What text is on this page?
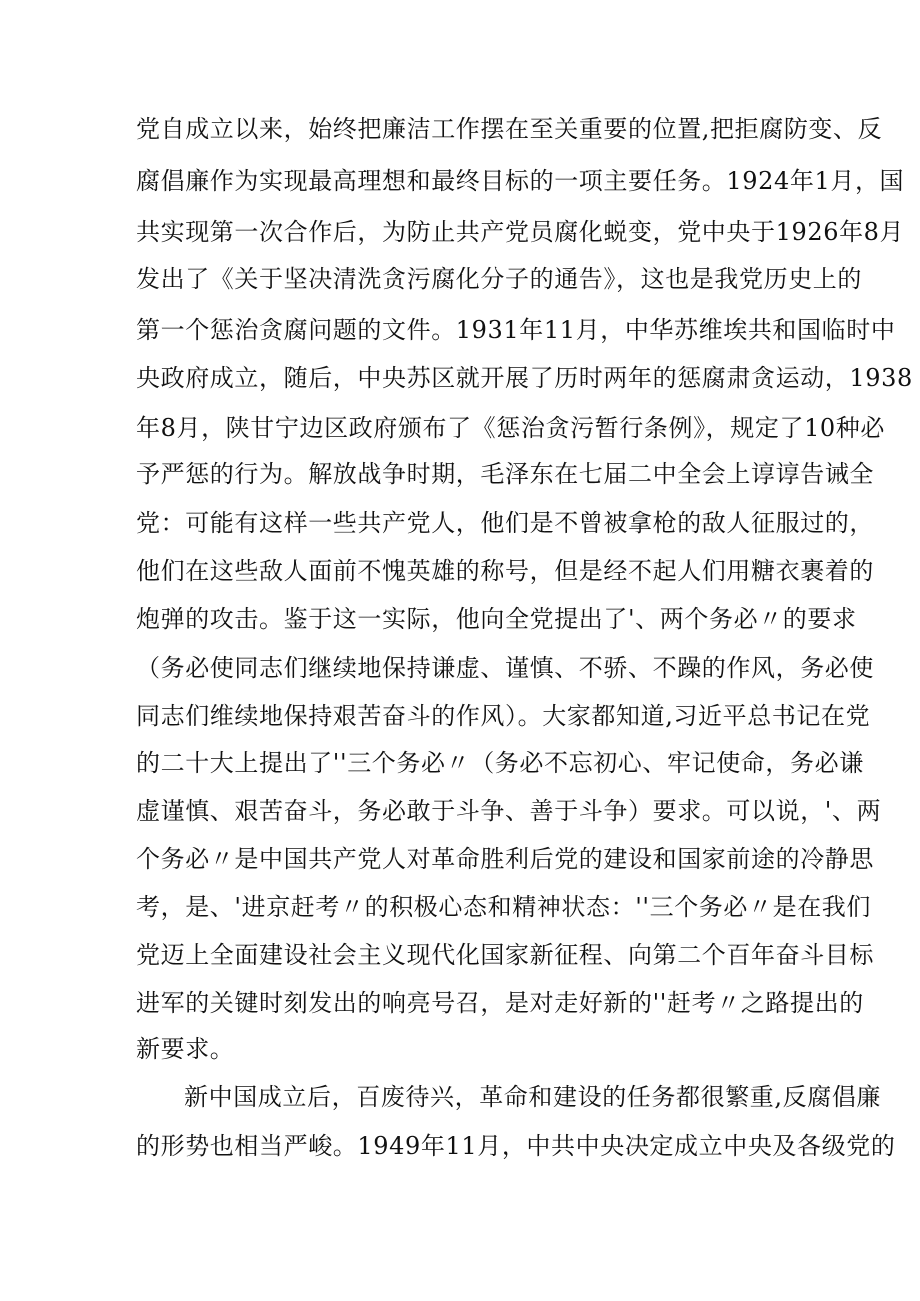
党自成立以来，始终把廉洁工作摆在至关重要的位置,把拒腐防变、反
腐倡廉作为实现最高理想和最终目标的一项主要任务。1924年1月，国
共实现第一次合作后，为防止共产党员腐化蜕变，党中央于1926年8月
发出了《关于坚决清洗贪污腐化分子的通告》，这也是我党历史上的
第一个惩治贪腐问题的文件。1931年11月，中华苏维埃共和国临时中
央政府成立，随后，中央苏区就开展了历时两年的惩腐肃贪运动，1938
年8月，陕甘宁边区政府颁布了《惩治贪污暂行条例》，规定了10种必
予严惩的行为。解放战争时期，毛泽东在七届二中全会上谆谆告诫全
党：可能有这样一些共产党人，他们是不曾被拿枪的敌人征服过的，
他们在这些敌人面前不愧英雄的称号，但是经不起人们用糖衣裹着的
炮弹的攻击。鉴于这一实际，他向全党提出了'、两个务必〃的要求
（务必使同志们继续地保持谦虚、谨慎、不骄、不躁的作风，务必使
同志们维续地保持艰苦奋斗的作风）。大家都知道,习近平总书记在党
的二十大上提出了''三个务必〃（务必不忘初心、牢记使命，务必谦
虚谨慎、艰苦奋斗，务必敢于斗争、善于斗争）要求。可以说，'、两
个务必〃是中国共产党人对革命胜利后党的建设和国家前途的冷静思
考，是、'进京赶考〃的积极心态和精神状态：''三个务必〃是在我们
党迈上全面建设社会主义现代化国家新征程、向第二个百年奋斗目标
进军的关键时刻发出的响亮号召，是对走好新的''赶考〃之路提出的
新要求。
新中国成立后，百废待兴，革命和建设的任务都很繁重,反腐倡廉
的形势也相当严峻。1949年11月，中共中央决定成立中央及各级党的
